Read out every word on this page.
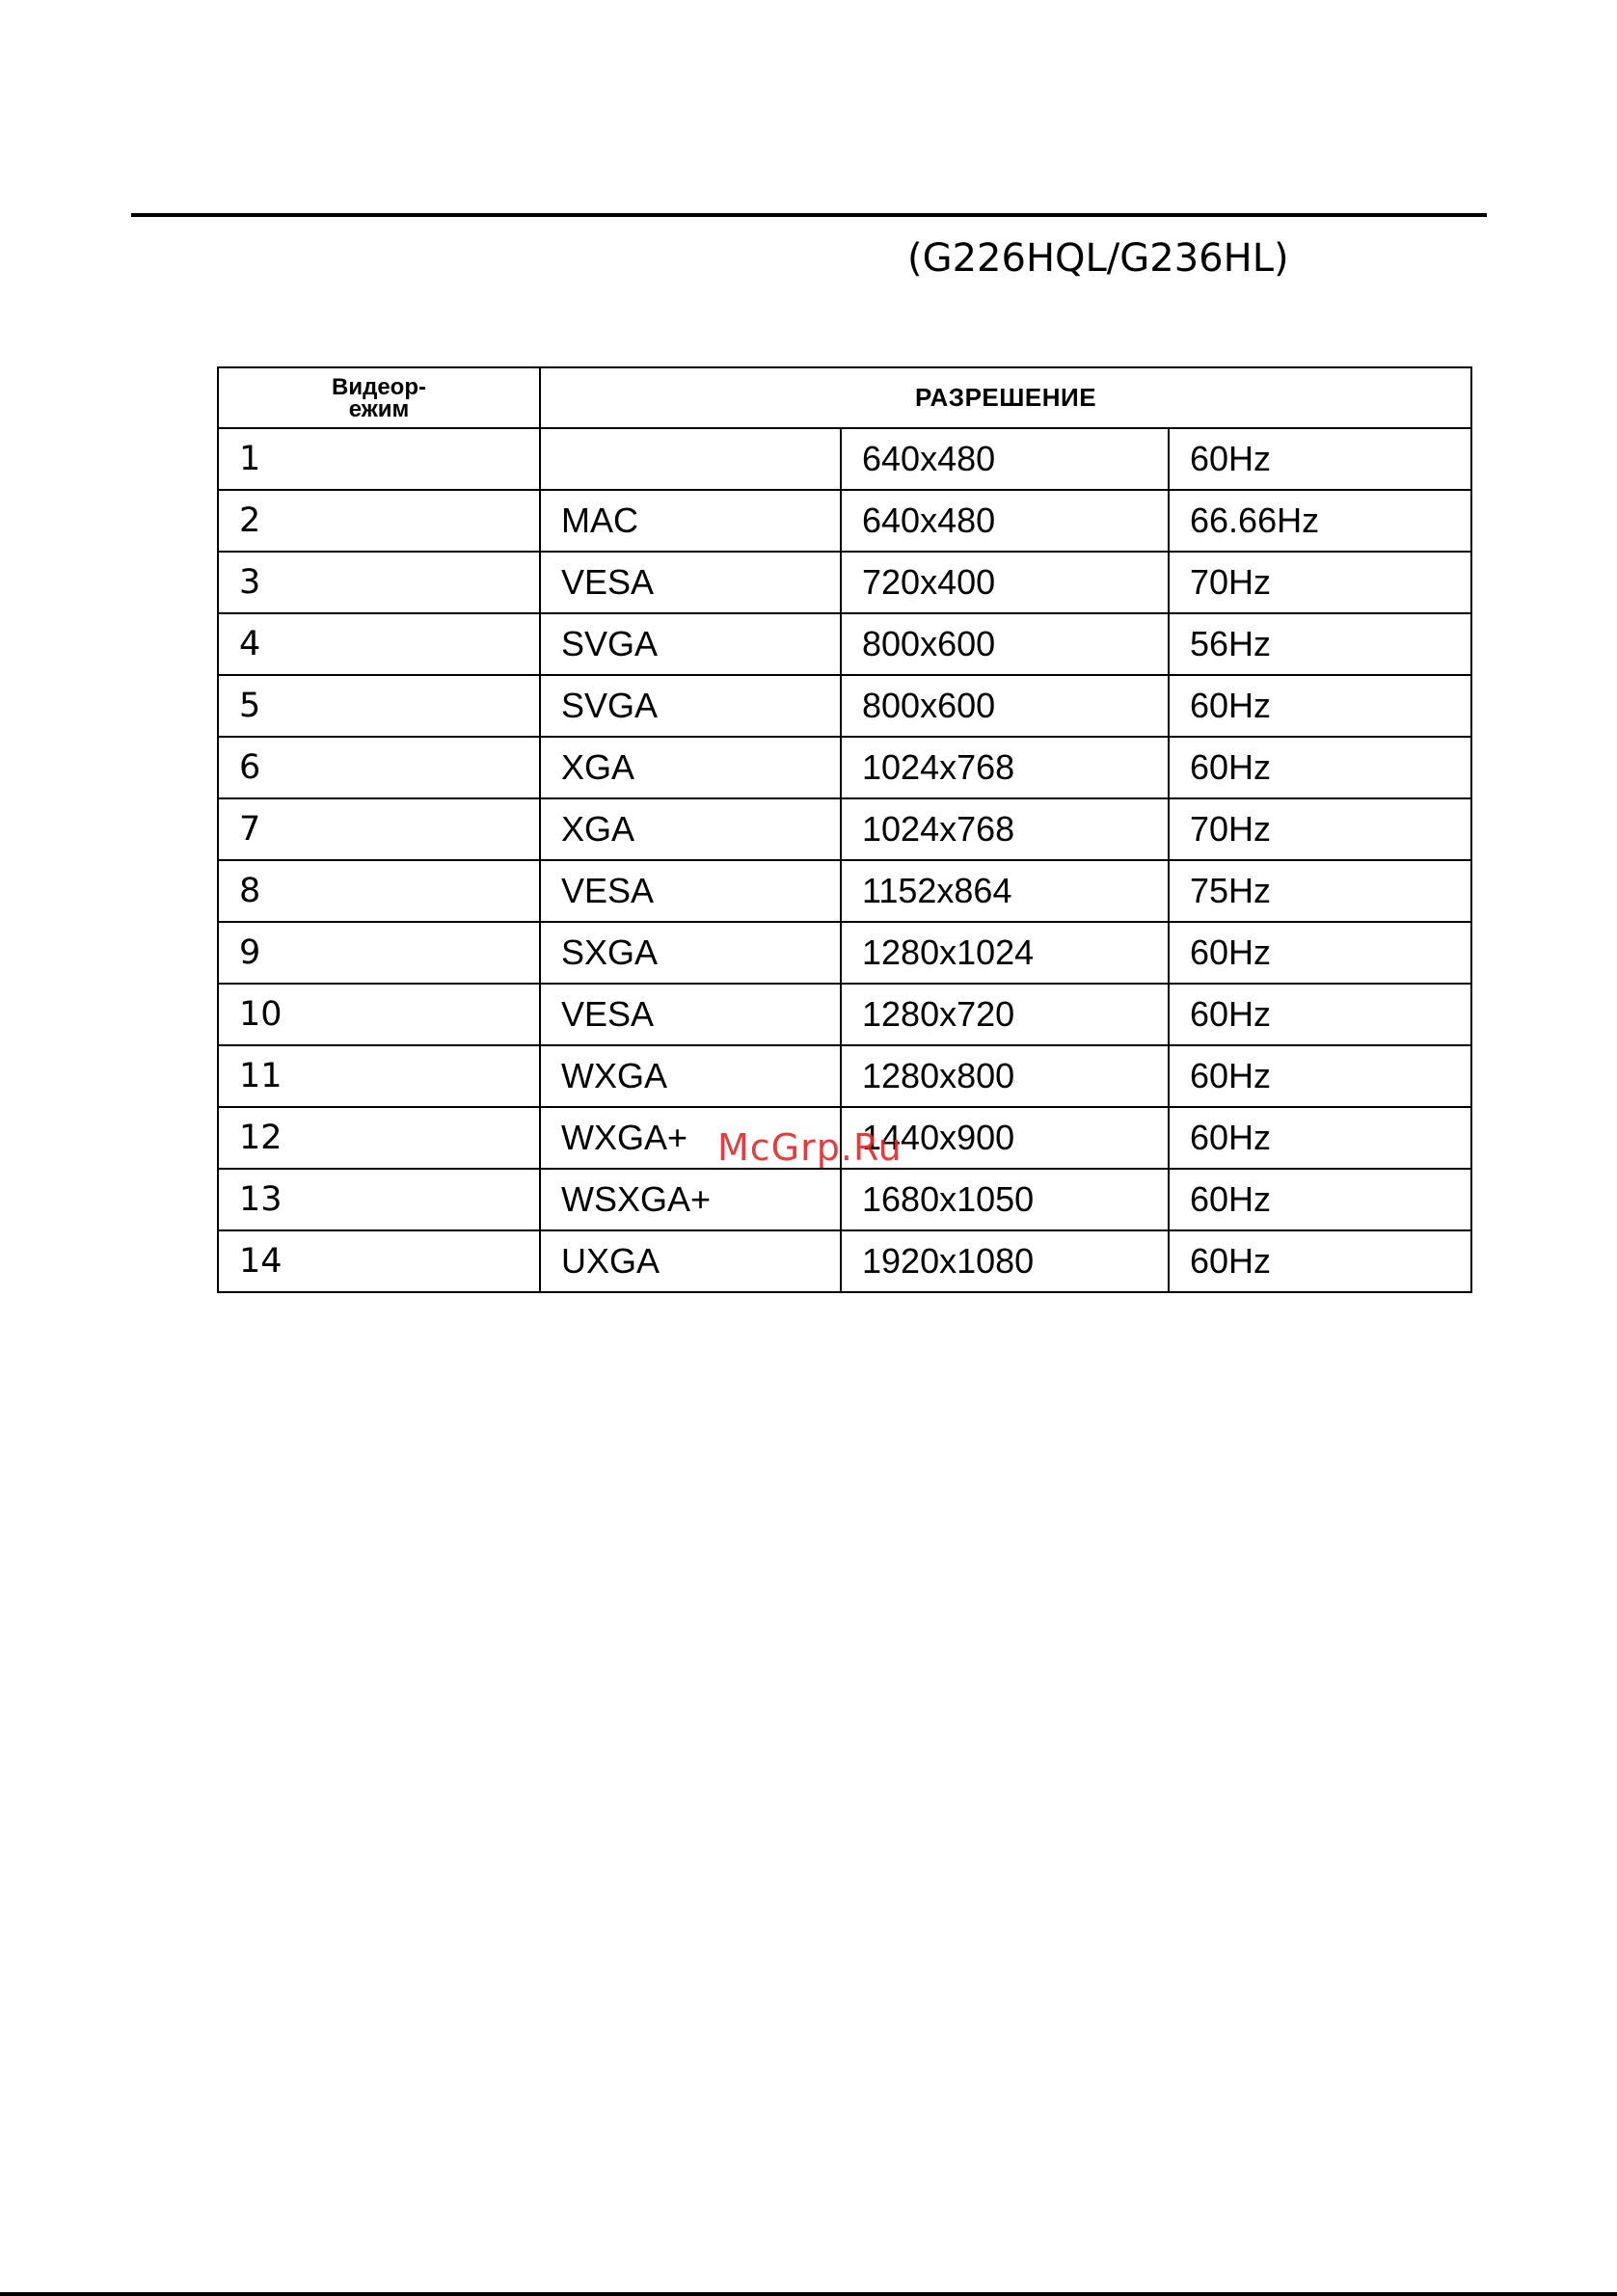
(G226HQL/G236HL)
Видеор-
ежим	РАЗРЕШЕНИЕ		
1		640x480	60Hz
2	MAC	640x480	66.66Hz
3	VESA	720x400	70Hz
4	SVGA	800x600	56Hz
5	SVGA	800x600	60Hz
6	XGA	1024x768	60Hz
7	XGA	1024x768	70Hz
8	VESA	1152x864	75Hz
9	SXGA	1280x1024	60Hz
10	VESA	1280x720	60Hz
11	WXGA	1280x800	60Hz
12	WXGA+	1440x900	60Hz
13	WSXGA+	1680x1050	60Hz
14	UXGA	1920x1080	60Hz
McGrp.Ru
